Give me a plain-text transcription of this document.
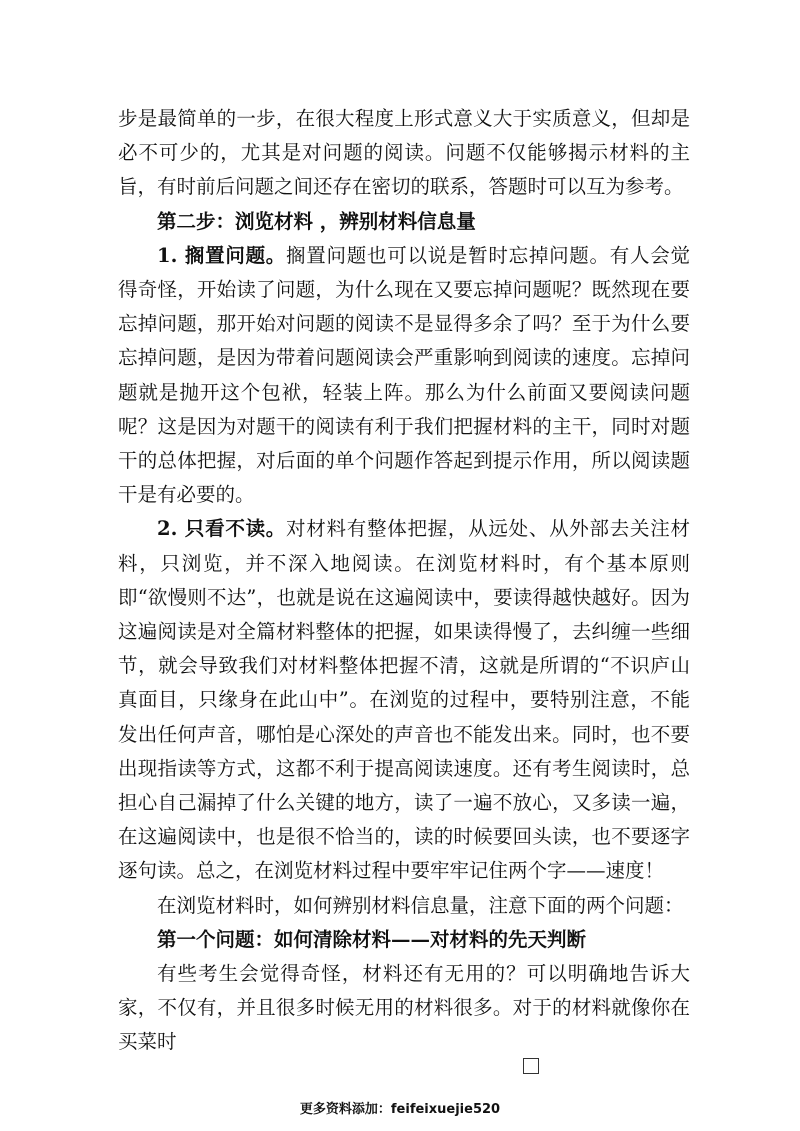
步是最简单的一步，在很大程度上形式意义大于实质意义，但却是必不可少的，尤其是对问题的阅读。问题不仅能够揭示材料的主旨，有时前后问题之间还存在密切的联系，答题时可以互为参考。

第二步：浏览材料 ，辨别材料信息量

1. 搁置问题。搁置问题也可以说是暂时忘掉问题。有人会觉得奇怪，开始读了问题，为什么现在又要忘掉问题呢？既然现在要忘掉问题，那开始对问题的阅读不是显得多余了吗？至于为什么要忘掉问题，是因为带着问题阅读会严重影响到阅读的速度。忘掉问题就是抛开这个包袱，轻装上阵。那么为什么前面又要阅读问题呢？这是因为对题干的阅读有利于我们把握材料的主干，同时对题干的总体把握，对后面的单个问题作答起到提示作用，所以阅读题干是有必要的。

2. 只看不读。对材料有整体把握，从远处、从外部去关注材料，只浏览，并不深入地阅读。在浏览材料时，有个基本原则即“欲慢则不达”，也就是说在这遍阅读中，要读得越快越好。因为这遍阅读是对全篇材料整体的把握，如果读得慢了，去纠缠一些细节，就会导致我们对材料整体把握不清，这就是所谓的“不识庐山真面目，只缘身在此山中”。在浏览的过程中，要特别注意，不能发出任何声音，哪怕是心深处的声音也不能发出来。同时，也不要出现指读等方式，这都不利于提高阅读速度。还有考生阅读时，总担心自己漏掉了什么关键的地方，读了一遍不放心，又多读一遍，在这遍阅读中，也是很不恰当的，读的时候要回头读，也不要逐字逐句读。总之，在浏览材料过程中要牢牢记住两个字——速度！

在浏览材料时，如何辨别材料信息量，注意下面的两个问题：

第一个问题：如何清除材料——对材料的先天判断

有些考生会觉得奇怪，材料还有无用的？可以明确地告诉大家，不仅有，并且很多时候无用的材料很多。对于的材料就像你在买菜时

更多资料添加：feifeixuejie520
